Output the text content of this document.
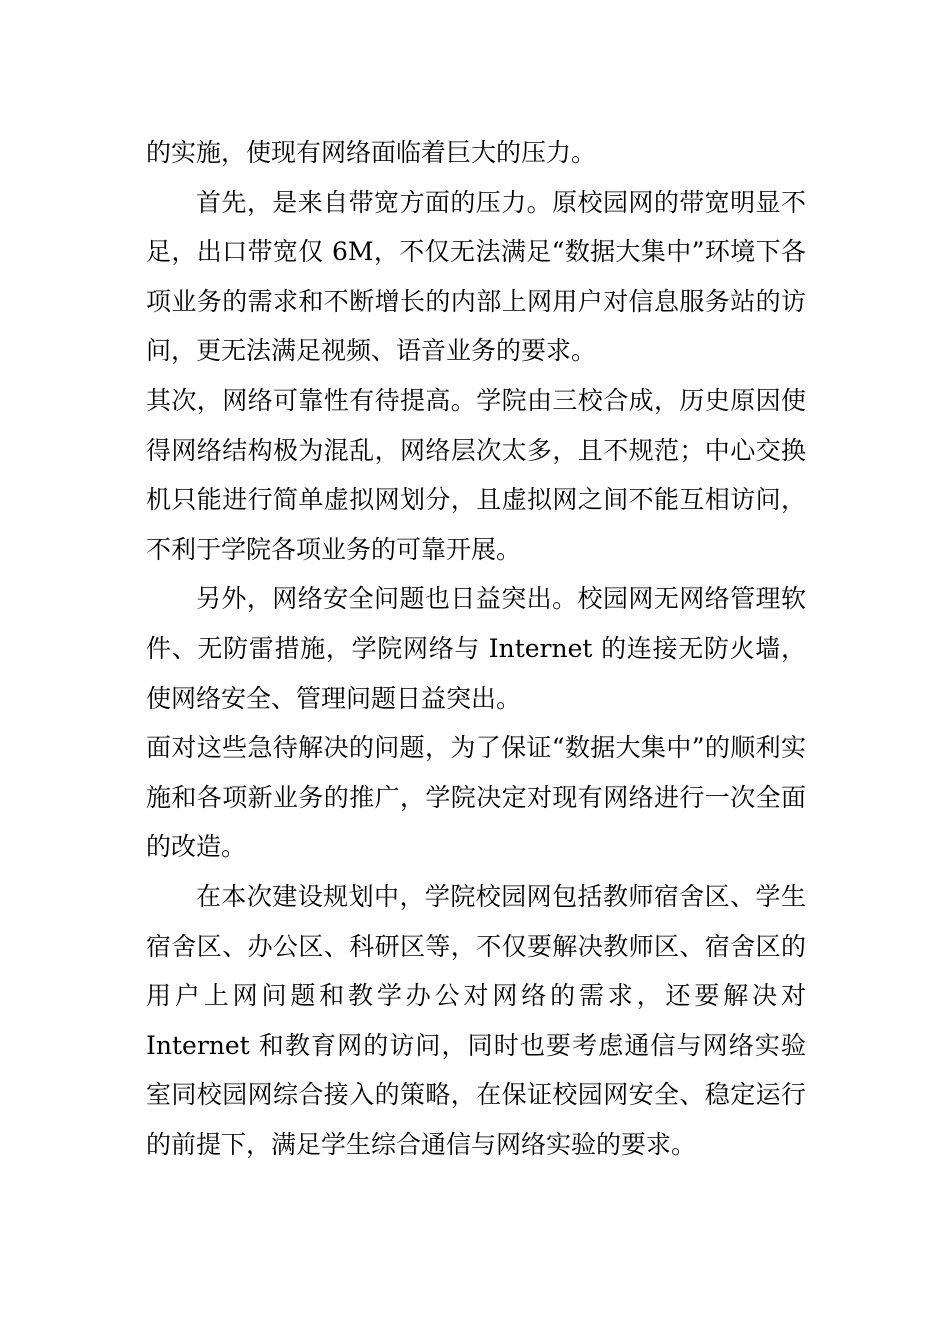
的实施，使现有网络面临着巨大的压力。

首先，是来自带宽方面的压力。原校园网的带宽明显不足，出口带宽仅 6M，不仅无法满足“数据大集中”环境下各项业务的需求和不断增长的内部上网用户对信息服务站的访问，更无法满足视频、语音业务的要求。

其次，网络可靠性有待提高。学院由三校合成，历史原因使得网络结构极为混乱，网络层次太多，且不规范；中心交换机只能进行简单虚拟网划分，且虚拟网之间不能互相访问，不利于学院各项业务的可靠开展。

另外，网络安全问题也日益突出。校园网无网络管理软件、无防雷措施，学院网络与 Internet 的连接无防火墙，使网络安全、管理问题日益突出。

面对这些急待解决的问题，为了保证“数据大集中”的顺利实施和各项新业务的推广，学院决定对现有网络进行一次全面的改造。

在本次建设规划中，学院校园网包括教师宿舍区、学生宿舍区、办公区、科研区等，不仅要解决教师区、宿舍区的用户上网问题和教学办公对网络的需求，还要解决对 Internet 和教育网的访问，同时也要考虑通信与网络实验室同校园网综合接入的策略，在保证校园网安全、稳定运行的前提下，满足学生综合通信与网络实验的要求。
